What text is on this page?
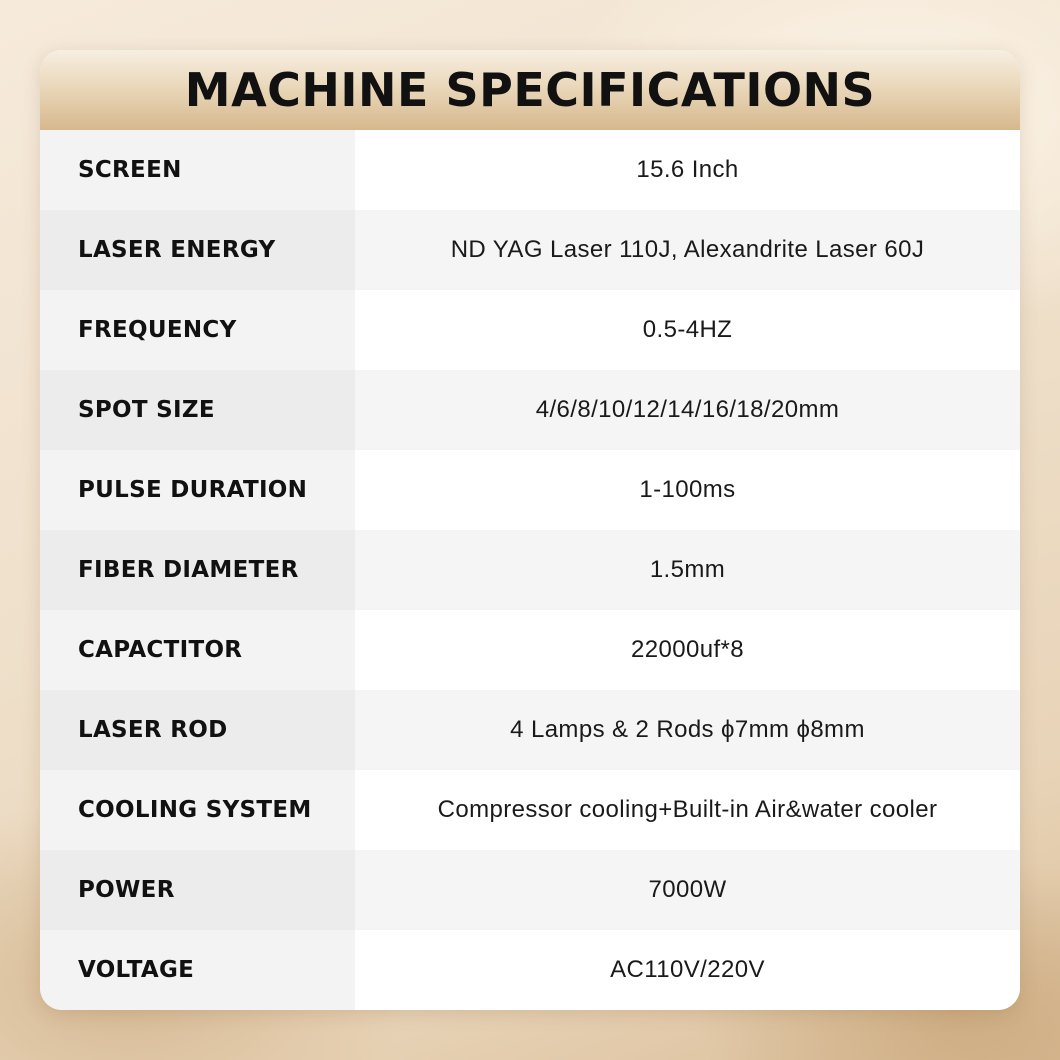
MACHINE SPECIFICATIONS
SCREEN	15.6 Inch
LASER ENERGY	ND YAG Laser 110J, Alexandrite Laser 60J
FREQUENCY	0.5-4HZ
SPOT SIZE	4/6/8/10/12/14/16/18/20mm
PULSE DURATION	1-100ms
FIBER DIAMETER	1.5mm
CAPACTITOR	22000uf*8
LASER ROD	4 Lamps & 2 Rods ϕ7mm ϕ8mm
COOLING SYSTEM	Compressor cooling+Built-in Air&water cooler
POWER	7000W
VOLTAGE	AC110V/220V
